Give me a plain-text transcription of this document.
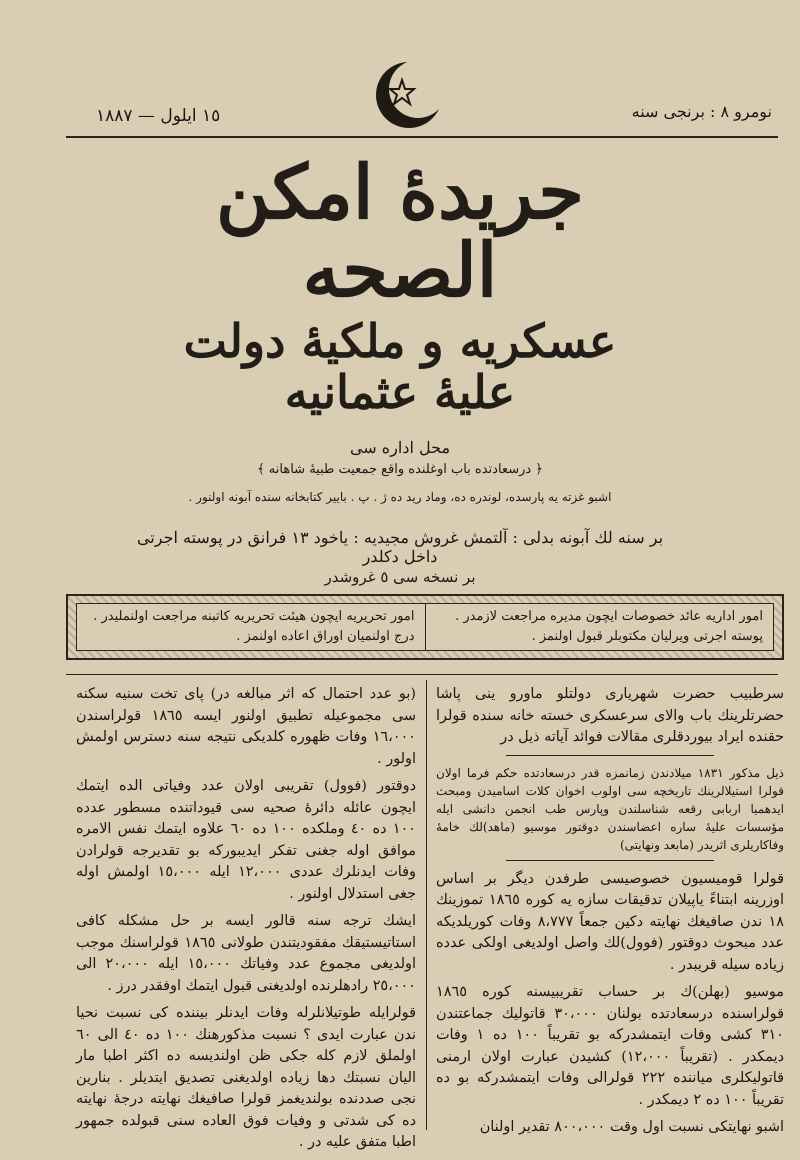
١٥ ایلول — ١٨٨٧	نومرو ٨ : برنجی سنه
جریدهٔ امکن الصحه
عسکریه و ملکیهٔ دولت علیهٔ عثمانیه
محل اداره سی
﴿ درسعادتده باب اوغلنده واقع جمعیت طبیهٔ شاهانه ﴾
اشبو غزته یه پارسده، لوندره ده، وماد رید ده ژ . پ . باییر کتابخانه سنده آبونه اولنور .
بر سنه لك آبونه بدلی : آلتمش غروش مجیدیه : یاخود ١٣ فرانق در پوسته اجرتی داخل دکلدر
بر نسخه سی ٥ غروشدر
امور اداریه عائد خصوصات ایچون مدیره مراجعت لازمدر .
پوسته اجرتی ویرلیان مکتوبلر قبول اولنمز .
امور تحریریه ایچون هیئت تحریریه کاتبنه مراجعت اولنملیدر .
درج اولنمیان اوراق اعاده اولنمز .

سرطبیب حضرت شهریاری دولتلو ماورو ینی پاشا حضرتلرینك باب والای سرعسکری خسته خانه سنده قولرا حقنده ایراد بیوردقلری مقالات فوائد آیاته ذیل در

ذیل مذکور ١٨٣١ میلادندن زمانمزه قدر درسعادتده حکم فرما اولان قولرا استیلالرینك تاریخچه سی اولوب اخوان کلات اسامیدن ومبحث ایدهمیا اربابی رقعه شناسلندن وپارس طب انجمن دانشی ایله مؤسسات علیهٔ ساره اعضاسندن دوقتور موسیو (ماهد)لك خامهٔ وفاکاریلری اثریدر (مابعد ونهایتی)

قولرا قومیسیون خصوصیسی طرفدن دیگر بر اساس اوزرینه ابتناءً یاپیلان تدقیقات سازه یه کوره ١٨٦٥ تموزینك ١٨ ندن صافیغك نهایته دکین جمعاً ٨،٧٧٧ وفات کوریلدیکه عدد مبحوث دوقتور (فوول)لك واصل اولدیغی اولکی عدده زیاده سیله قریبدر .

موسیو (بهلن)ك بر حساب تقریبیسنه کوره ١٨٦٥ قولراسنده درسعادتده بولنان ٣٠،٠٠٠ قاتولیك جماعتندن ٣١٠ کشی وفات ایتمشدرکه بو تقریباً ١٠٠ ده ١ وفات دیمکدر . (تقریباً ١٢،٠٠٠) کشیدن عبارت اولان ارمنی قاتولیکلری میاننده ٢٢٢ قولرالی وفات ایتمشدرکه بو ده تقریباً ١٠٠ ده ٢ دیمکدر .

اشبو نهایتکی نسبت اول وقت ٨٠٠،٠٠٠ تقدیر اولنان

(بو عدد احتمال که اثر مبالغه در) پای تخت سنیه سکنه سی مجموعیله تطبیق اولنور ایسه ١٨٦٥ قولراسندن ١٦،٠٠٠ وفات ظهوره کلدیکی نتیجه سنه دسترس اولمش اولور .

دوقتور (فوول) تقریبی اولان عدد وفیاتی الده ایتمك ایچون عائله دائرهٔ صحیه سی قیوداتنده مسطور عدده ١٠٠ ده ٤٠ وملکده ١٠٠ ده ٦٠ علاوه ایتمك نفس الامره موافق اوله جغنی تفکر ایدیبورکه بو تقدیرجه قولرادن وفات ایدنلرك عددی ١٢،٠٠٠ ایله ١٥،٠٠٠ اولمش اوله جغی استدلال اولنور .

ایشك ترجه سنه قالور ایسه بر حل مشکله کافی استاتیستیقك مفقودیتندن طولانی ١٨٦٥ قولراسنك موجب اولدیغی مجموع عدد وفیاتك ١٥،٠٠٠ ایله ٢٠،٠٠٠ الی ٢٥،٠٠٠ رادهلرنده اولدیغنی قبول ایتمك اوفقدر درز .

قولرایله طوتیلانلرله وفات ایدنلر بیننده کی نسبت نحیا ندن عبارت ایدی ؟ نسبت مذکورهنك ١٠٠ ده ٤٠ الی ٦٠ اولملق لازم کله جکی ظن اولندیسه ده اکثر اطبا مار الیان نسبتك دها زیاده اولدیغنی تصدیق ایتدیلر . بنارین نجی صددنده بولندیغمز قولرا صافیغك نهایته درجهٔ نهایته ده کی شدتی و وفیات فوق العاده سنی قبولده جمهور اطبا متفق علیه در .
